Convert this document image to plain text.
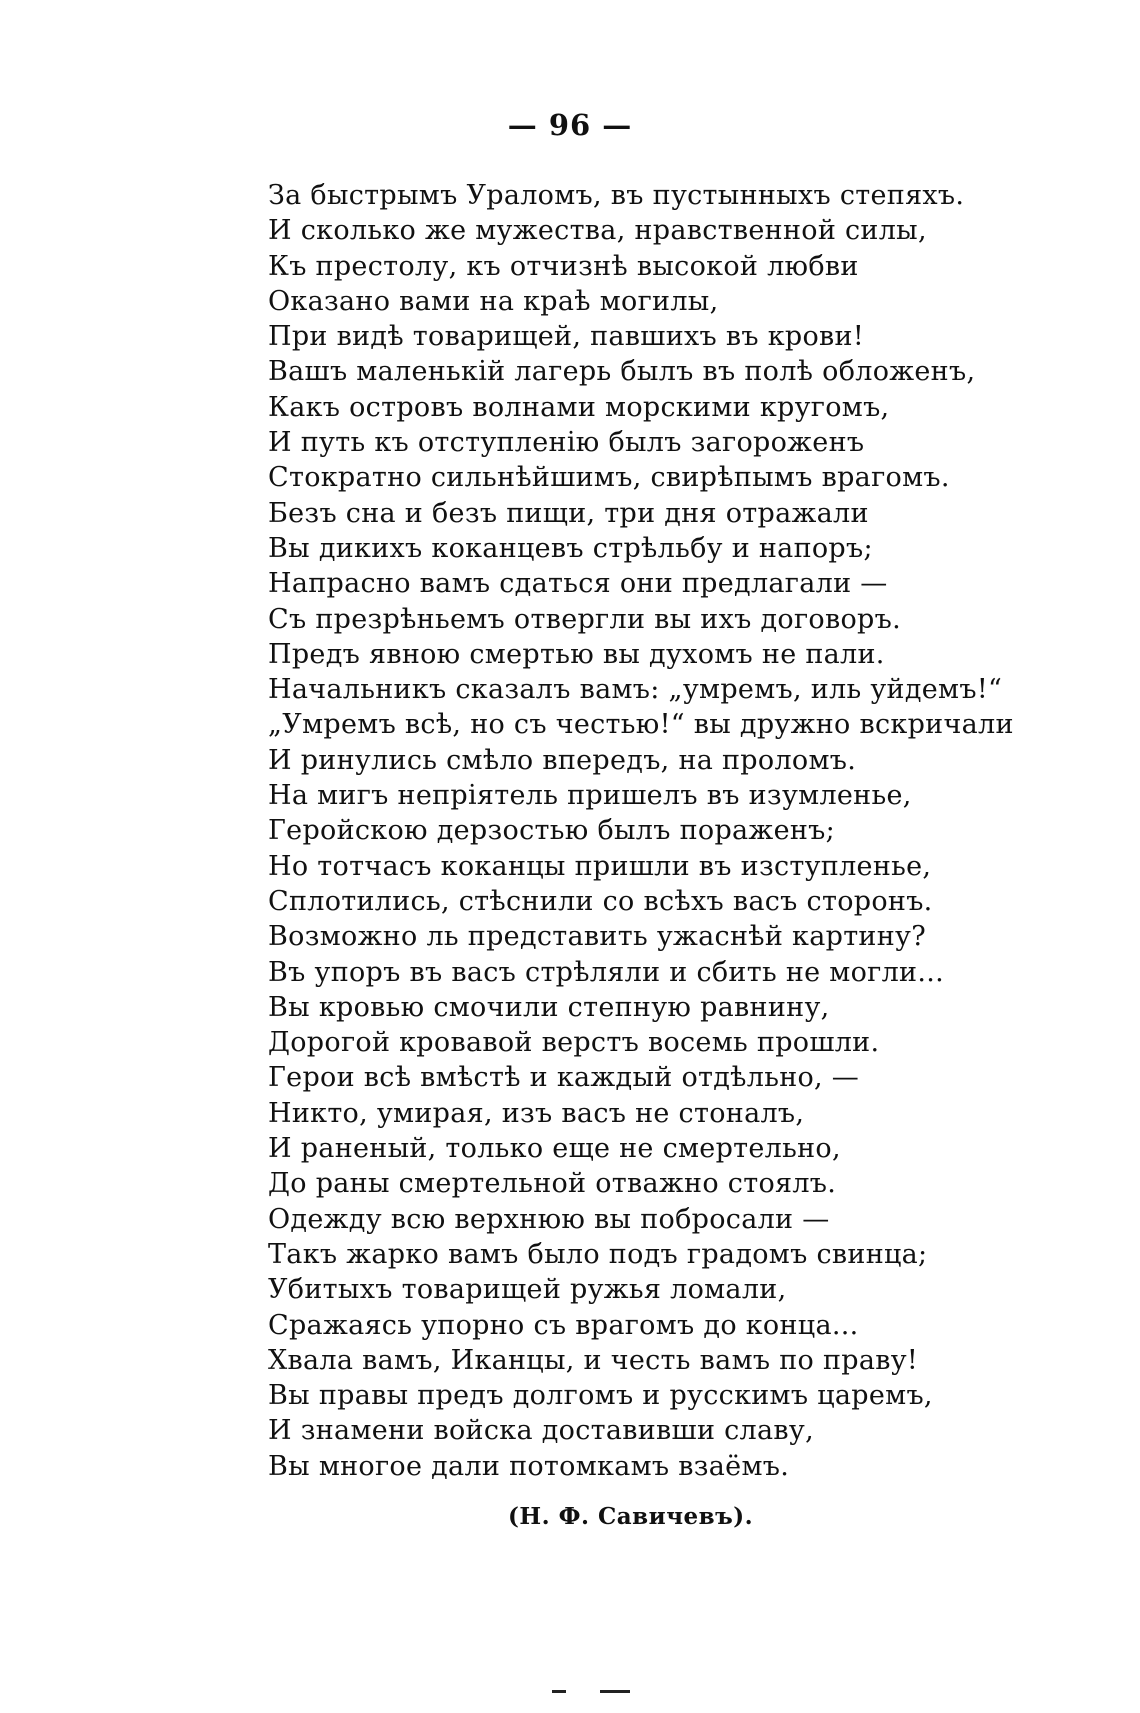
— 96 —
За быстрымъ Ураломъ, въ пустынныхъ степяхъ.
И сколько же мужества, нравственной силы,
Къ престолу, къ отчизнѣ высокой любви
Оказано вами на краѣ могилы,
При видѣ товарищей, павшихъ въ крови!
Вашъ маленькій лагерь былъ въ полѣ обложенъ,
Какъ островъ волнами морскими кругомъ,
И путь къ отступленію былъ загороженъ
Стократно сильнѣйшимъ, свирѣпымъ врагомъ.
Безъ сна и безъ пищи, три дня отражали
Вы дикихъ коканцевъ стрѣльбу и напоръ;
Напрасно вамъ сдаться они предлагали —
Съ презрѣньемъ отвергли вы ихъ договоръ.
Предъ явною смертью вы духомъ не пали.
Начальникъ сказалъ вамъ: „умремъ, иль уйдемъ!“
„Умремъ всѣ, но съ честью!“ вы дружно вскричали
И ринулись смѣло впередъ, на проломъ.
На мигъ непріятель пришелъ въ изумленье,
Геройскою дерзостью былъ пораженъ;
Но тотчасъ коканцы пришли въ изступленье,
Сплотились, стѣснили со всѣхъ васъ сторонъ.
Возможно ль представить ужаснѣй картину?
Въ упоръ въ васъ стрѣляли и сбить не могли...
Вы кровью смочили степную равнину,
Дорогой кровавой верстъ восемь прошли.
Герои всѣ вмѣстѣ и каждый отдѣльно, —
Никто, умирая, изъ васъ не стоналъ,
И раненый, только еще не смертельно,
До раны смертельной отважно стоялъ.
Одежду всю верхнюю вы побросали —
Такъ жарко вамъ было подъ градомъ свинца;
Убитыхъ товарищей ружья ломали,
Сражаясь упорно съ врагомъ до конца...
Хвала вамъ, Иканцы, и честь вамъ по праву!
Вы правы предъ долгомъ и русскимъ царемъ,
И знамени войска доставивши славу,
Вы многое дали потомкамъ взаёмъ.
(Н. Ф. Савичевъ).
